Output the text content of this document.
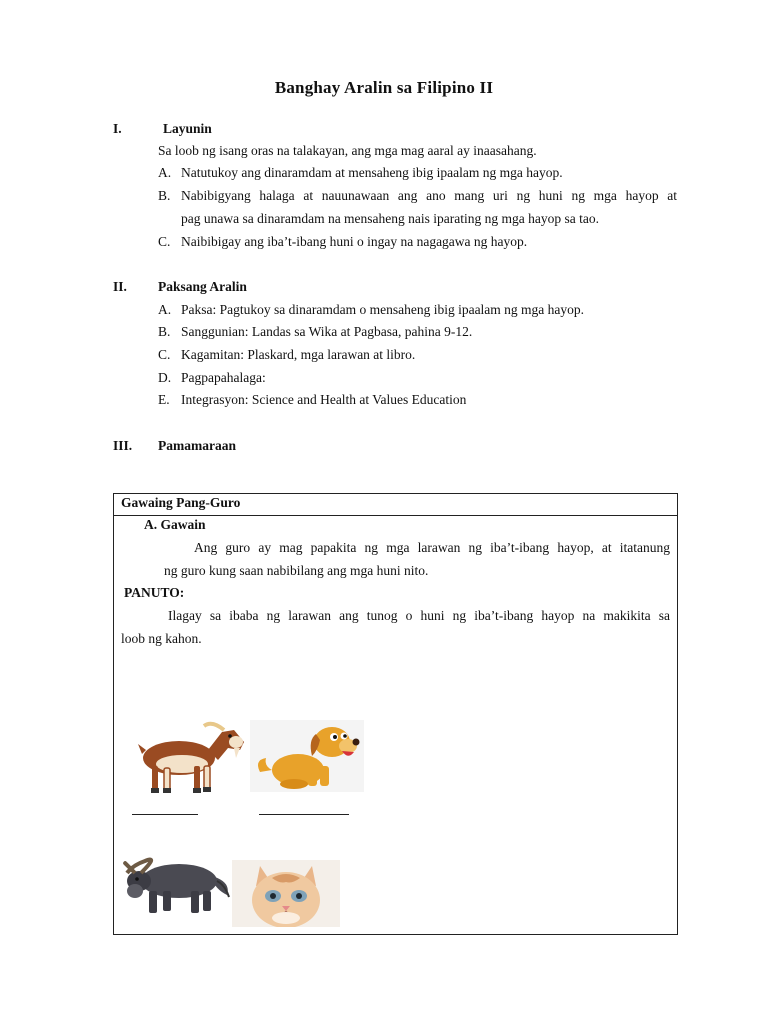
Banghay Aralin sa Filipino II
I.	Layunin
Sa loob ng isang oras na talakayan, ang mga mag aaral ay inaasahang.
A. Natutukoy ang dinaramdam at mensaheng ibig ipaalam ng mga hayop.
B. Nabibigyang halaga at nauunawaan ang ano mang uri ng huni ng mga hayop at
pag unawa sa dinaramdam na mensaheng nais iparating ng mga hayop sa tao.
C. Naibibigay ang iba’t-ibang huni o ingay na nagagawa ng hayop.
II. Paksang Aralin
A. Paksa: Pagtukoy sa dinaramdam o mensaheng ibig ipaalam ng mga hayop.
B. Sanggunian: Landas sa Wika at Pagbasa, pahina 9-12.
C. Kagamitan: Plaskard, mga larawan at libro.
D. Pagpapahalaga:
E. Integrasyon: Science and Health at Values Education
III. Pamamaraan
Gawaing Pang-Guro
A. Gawain
Ang guro ay mag papakita ng mga larawan ng iba’t-ibang hayop, at itatanung
ng guro kung saan nabibilang ang mga huni nito.
PANUTO:
Ilagay sa ibaba ng larawan ang tunog o huni ng iba’t-ibang hayop na makikita sa
loob ng kahon.
